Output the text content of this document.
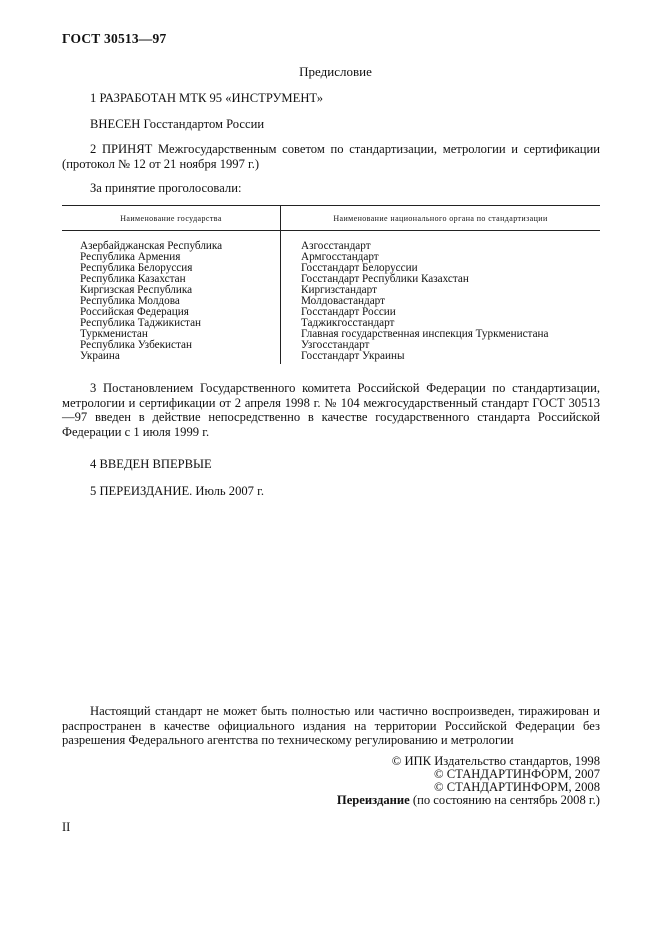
ГОСТ 30513—97
Предисловие
1 РАЗРАБОТАН МТК 95 «ИНСТРУМЕНТ»
ВНЕСЕН Госстандартом России
2 ПРИНЯТ Межгосударственным советом по стандартизации, метрологии и сертификации (протокол № 12 от 21 ноября 1997 г.)
За принятие проголосовали:
Наименование государства	Наименование национального органа по стандартизации
Азербайджанская Республика	Азгосстандарт
Республика Армения	Армгосстандарт
Республика Белоруссия	Госстандарт Белоруссии
Республика Казахстан	Госстандарт Республики Казахстан
Киргизская Республика	Киргизстандарт
Республика Молдова	Молдовастандарт
Российская Федерация	Госстандарт России
Республика Таджикистан	Таджикгосстандарт
Туркменистан	Главная государственная инспекция Туркменистана
Республика Узбекистан	Узгосстандарт
Украина	Госстандарт Украины
3 Постановлением Государственного комитета Российской Федерации по стандартизации, метрологии и сертификации от 2 апреля 1998 г. № 104 межгосударственный стандарт ГОСТ 30513—97 введен в действие непосредственно в качестве государственного стандарта Российской Федерации с 1 июля 1999 г.
4 ВВЕДЕН ВПЕРВЫЕ
5 ПЕРЕИЗДАНИЕ. Июль 2007 г.
Настоящий стандарт не может быть полностью или частично воспроизведен, тиражирован и распространен в качестве официального издания на территории Российской Федерации без разрешения Федерального агентства по техническому регулированию и метрологии
© ИПК Издательство стандартов, 1998
© СТАНДАРТИНФОРМ, 2007
© СТАНДАРТИНФОРМ, 2008
Переиздание (по состоянию на сентябрь 2008 г.)
II
